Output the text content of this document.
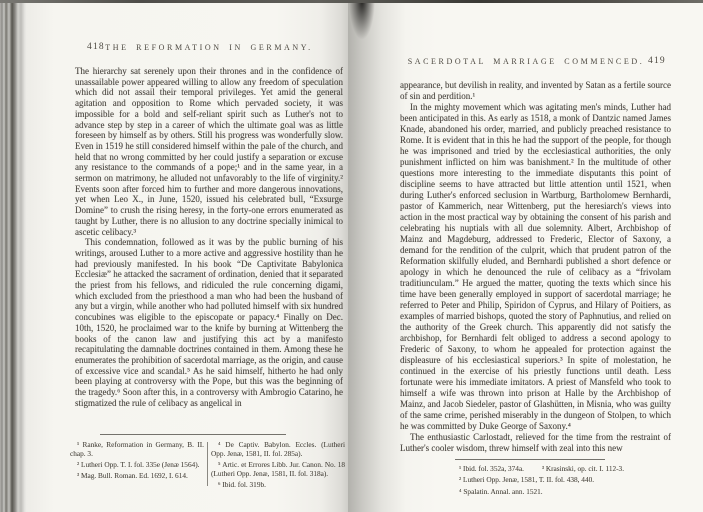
418 THE REFORMATION IN GERMANY.

The hierarchy sat serenely upon their thrones and in the confidence of unassailable power appeared willing to allow any freedom of speculation which did not assail their temporal privileges. Yet amid the general agitation and opposition to Rome which pervaded society, it was impossible for a bold and self-reliant spirit such as Luther's not to advance step by step in a career of which the ultimate goal was as little foreseen by himself as by others. Still his progress was wonderfully slow. Even in 1519 he still considered himself within the pale of the church, and held that no wrong committed by her could justify a separation or excuse any resistance to the commands of a pope;¹ and in the same year, in a sermon on matrimony, he alluded not unfavorably to the life of virginity.² Events soon after forced him to further and more dangerous innovations, yet when Leo X., in June, 1520, issued his celebrated bull, “Exsurge Domine” to crush the rising heresy, in the forty-one errors enumerated as taught by Luther, there is no allusion to any doctrine specially inimical to ascetic celibacy.³

This condemnation, followed as it was by the public burning of his writings, aroused Luther to a more active and aggressive hostility than he had previously manifested. In his book “De Captivitate Babylonica Ecclesiæ” he attacked the sacrament of ordination, denied that it separated the priest from his fellows, and ridiculed the rule concerning digami, which excluded from the priesthood a man who had been the husband of any but a virgin, while another who had polluted himself with six hundred concubines was eligible to the episcopate or papacy.⁴ Finally on Dec. 10th, 1520, he proclaimed war to the knife by burning at Wittenberg the books of the canon law and justifying this act by a manifesto recapitulating the damnable doctrines contained in them. Among these he enumerates the prohibition of sacerdotal marriage, as the origin, and cause of excessive vice and scandal.⁵ As he said himself, hitherto he had only been playing at controversy with the Pope, but this was the beginning of the tragedy.⁶ Soon after this, in a controversy with Ambrogio Catarino, he stigmatized the rule of celibacy as angelical in

¹ Ranke, Reformation in Germany, B. II. chap. 3.

² Lutheri Opp. T. I. fol. 335e (Jenæ 1564).

³ Mag. Bull. Roman. Ed. 1692, I. 614.

⁴ De Captiv. Babylon. Eccles. (Lutheri Opp. Jenæ, 1581, II. fol. 285a).

⁵ Artic. et Errores Libb. Jur. Canon. No. 18 (Lutheri Opp. Jenæ, 1581, II. fol. 318a).

⁶ Ibid. fol. 319b.

SACERDOTAL MARRIAGE COMMENCED. 419

appearance, but devilish in reality, and invented by Satan as a fertile source of sin and perdition.¹

In the mighty movement which was agitating men's minds, Luther had been anticipated in this. As early as 1518, a monk of Dantzic named James Knade, abandoned his order, married, and publicly preached resistance to Rome. It is evident that in this he had the support of the people, for though he was imprisoned and tried by the ecclesiastical authorities, the only punishment inflicted on him was banishment.² In the multitude of other questions more interesting to the immediate disputants this point of discipline seems to have attracted but little attention until 1521, when during Luther's enforced seclusion in Wartburg, Bartholomew Bernhardi, pastor of Kammerich, near Wittenberg, put the heresiarch's views into action in the most practical way by obtaining the consent of his parish and celebrating his nuptials with all due solemnity. Albert, Archbishop of Mainz and Magdeburg, addressed to Frederic, Elector of Saxony, a demand for the rendition of the culprit, which that prudent patron of the Reformation skilfully eluded, and Bernhardi published a short defence or apology in which he denounced the rule of celibacy as a “frivolam traditiunculam.” He argued the matter, quoting the texts which since his time have been generally employed in support of sacerdotal marriage; he referred to Peter and Philip, Spiridon of Cyprus, and Hilary of Poitiers, as examples of married bishops, quoted the story of Paphnutius, and relied on the authority of the Greek church. This apparently did not satisfy the archbishop, for Bernhardi felt obliged to address a second apology to Frederic of Saxony, to whom he appealed for protection against the displeasure of his ecclesiastical superiors.³ In spite of molestation, he continued in the exercise of his priestly functions until death. Less fortunate were his immediate imitators. A priest of Mansfeld who took to himself a wife was thrown into prison at Halle by the Archbishop of Mainz, and Jacob Siedeler, pastor of Glashütten, in Misnia, who was guilty of the same crime, perished miserably in the dungeon of Stolpen, to which he was committed by Duke George of Saxony.⁴

The enthusiastic Carlostadt, relieved for the time from the restraint of Luther's cooler wisdom, threw himself with zeal into this new

¹ Ibid. fol. 352a, 374a. ³ Krasinski, op. cit. I. 112-3.

² Lutheri Opp. Jenæ, 1581, T. II. fol. 438, 440.

⁴ Spalatin. Annal. ann. 1521.
